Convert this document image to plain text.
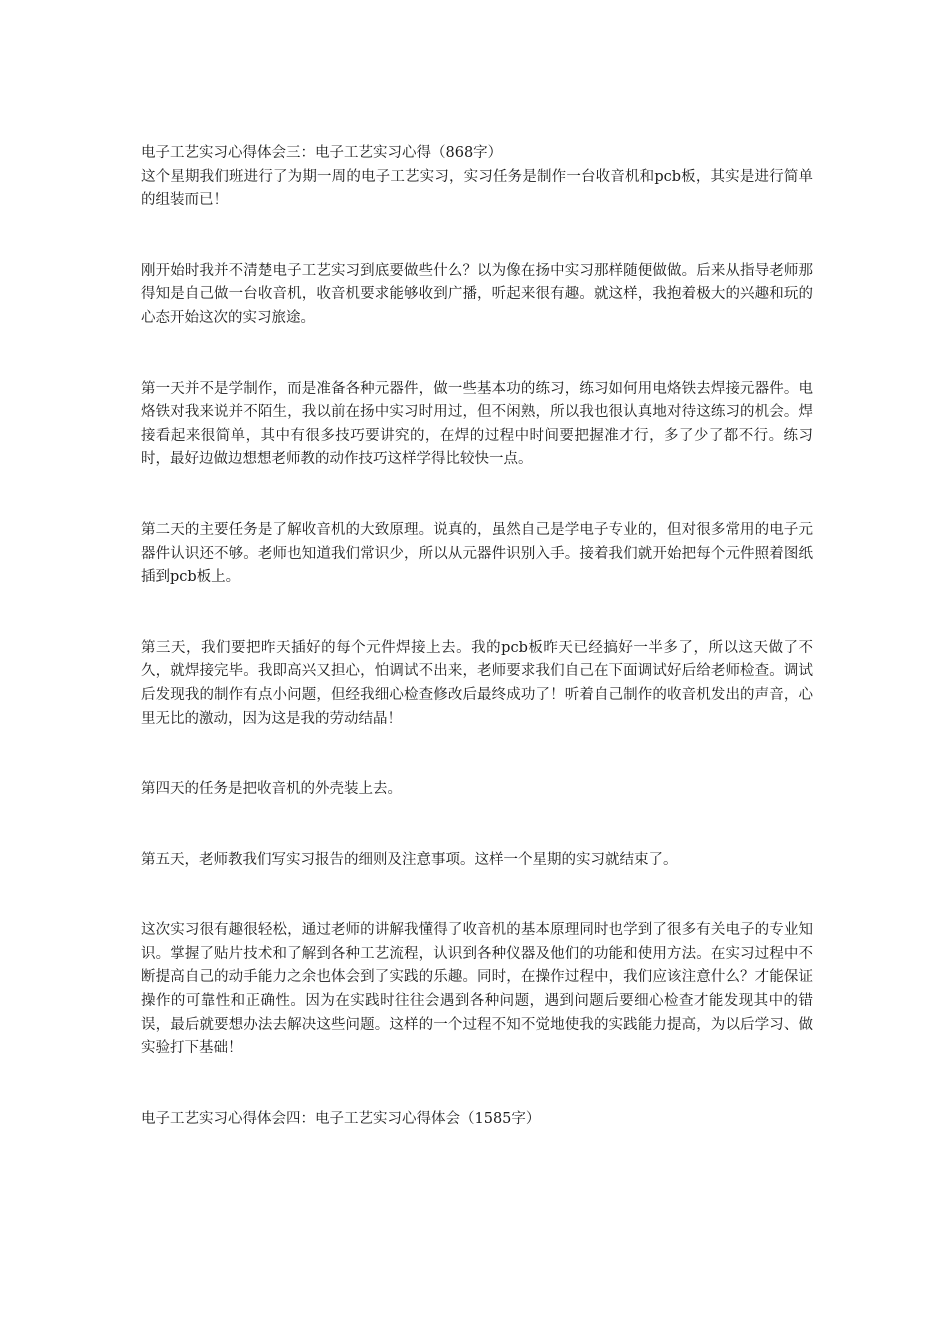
电子工艺实习心得体会三：电子工艺实习心得（868字）

这个星期我们班进行了为期一周的电子工艺实习，实习任务是制作一台收音机和pcb板，其实是进行简单的组装而已！

刚开始时我并不清楚电子工艺实习到底要做些什么？以为像在扬中实习那样随便做做。后来从指导老师那得知是自己做一台收音机，收音机要求能够收到广播，听起来很有趣。就这样，我抱着极大的兴趣和玩的心态开始这次的实习旅途。

第一天并不是学制作，而是准备各种元器件，做一些基本功的练习，练习如何用电烙铁去焊接元器件。电烙铁对我来说并不陌生，我以前在扬中实习时用过，但不闲熟，所以我也很认真地对待这练习的机会。焊接看起来很简单，其中有很多技巧要讲究的，在焊的过程中时间要把握准才行，多了少了都不行。练习时，最好边做边想想老师教的动作技巧这样学得比较快一点。

第二天的主要任务是了解收音机的大致原理。说真的，虽然自己是学电子专业的，但对很多常用的电子元器件认识还不够。老师也知道我们常识少，所以从元器件识别入手。接着我们就开始把每个元件照着图纸插到pcb板上。

第三天，我们要把昨天插好的每个元件焊接上去。我的pcb板昨天已经搞好一半多了，所以这天做了不久，就焊接完毕。我即高兴又担心，怕调试不出来，老师要求我们自己在下面调试好后给老师检查。调试后发现我的制作有点小问题，但经我细心检查修改后最终成功了！听着自己制作的收音机发出的声音，心里无比的激动，因为这是我的劳动结晶！

第四天的任务是把收音机的外壳装上去。

第五天，老师教我们写实习报告的细则及注意事项。这样一个星期的实习就结束了。

这次实习很有趣很轻松，通过老师的讲解我懂得了收音机的基本原理同时也学到了很多有关电子的专业知识。掌握了贴片技术和了解到各种工艺流程，认识到各种仪器及他们的功能和使用方法。在实习过程中不断提高自己的动手能力之余也体会到了实践的乐趣。同时，在操作过程中，我们应该注意什么？才能保证操作的可靠性和正确性。因为在实践时往往会遇到各种问题，遇到问题后要细心检查才能发现其中的错误，最后就要想办法去解决这些问题。这样的一个过程不知不觉地使我的实践能力提高，为以后学习、做实验打下基础！

电子工艺实习心得体会四：电子工艺实习心得体会（1585字）
